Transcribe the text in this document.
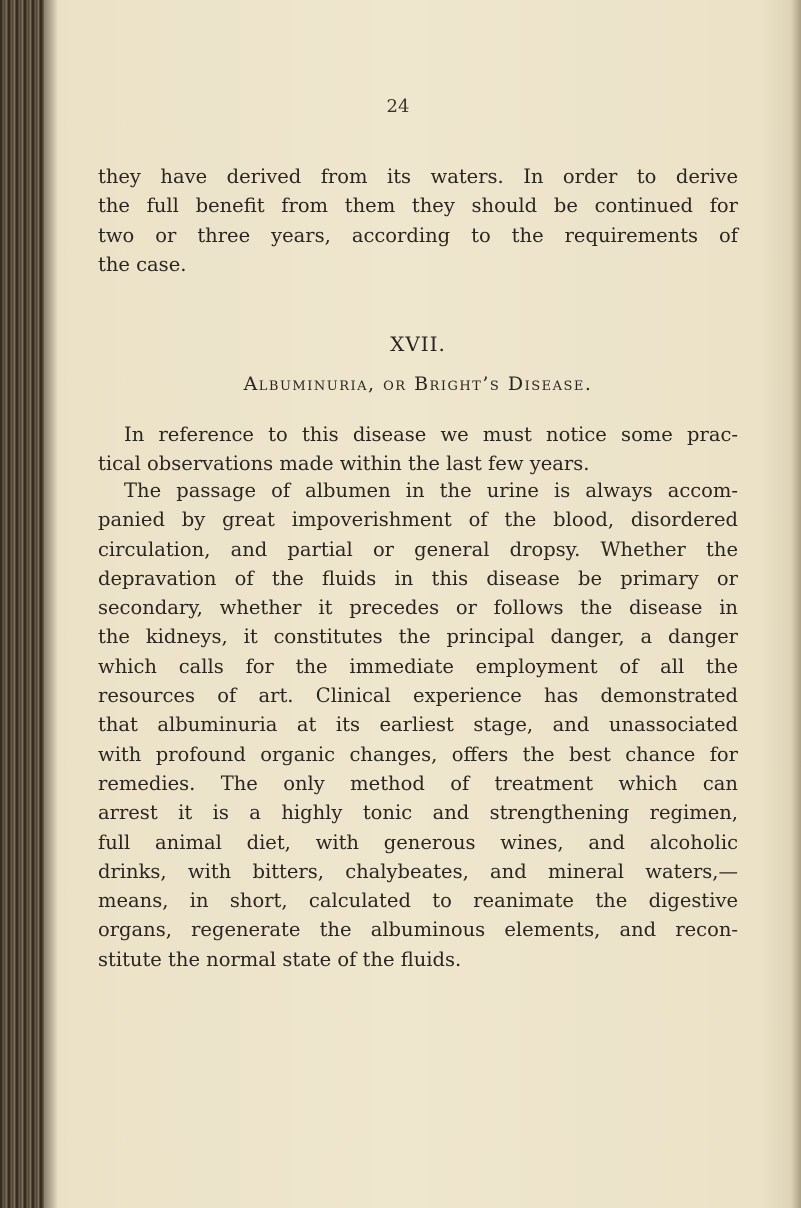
24
they have derived from its waters. In order to derive
the full benefit from them they should be continued for
two or three years, according to the requirements of
the case.
XVII.
Albuminuria, or Bright’s Disease.
In reference to this disease we must notice some prac-
tical observations made within the last few years.
The passage of albumen in the urine is always accom-
panied by great impoverishment of the blood, disordered
circulation, and partial or general dropsy. Whether the
depravation of the fluids in this disease be primary or
secondary, whether it precedes or follows the disease in
the kidneys, it constitutes the principal danger, a danger
which calls for the immediate employment of all the
resources of art. Clinical experience has demonstrated
that albuminuria at its earliest stage, and unassociated
with profound organic changes, offers the best chance for
remedies. The only method of treatment which can
arrest it is a highly tonic and strengthening regimen,
full animal diet, with generous wines, and alcoholic
drinks, with bitters, chalybeates, and mineral waters,—
means, in short, calculated to reanimate the digestive
organs, regenerate the albuminous elements, and recon-
stitute the normal state of the fluids.
